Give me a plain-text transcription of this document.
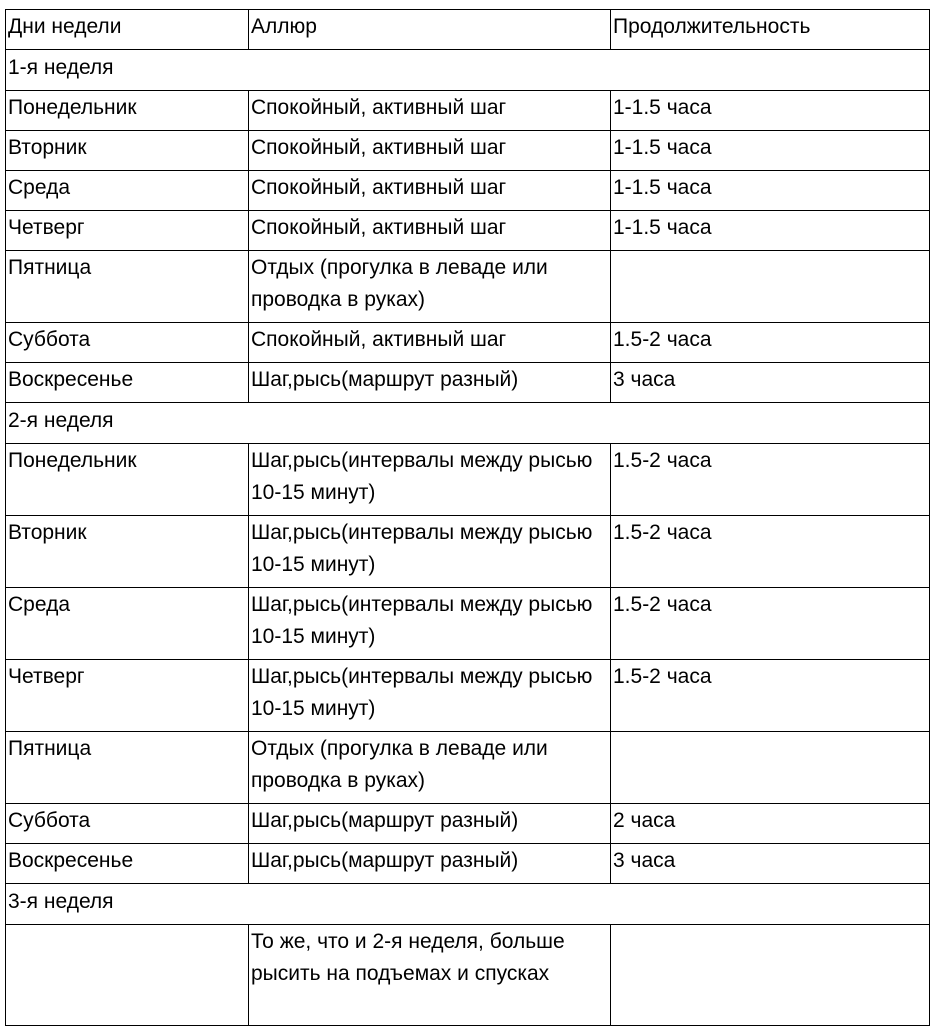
Дни недели	Аллюр	Продолжительность
1-я неделя		
Понедельник	Спокойный, активный шаг	1-1.5 часа
Вторник	Спокойный, активный шаг	1-1.5 часа
Среда	Спокойный, активный шаг	1-1.5 часа
Четверг	Спокойный, активный шаг	1-1.5 часа
Пятница	Отдых (прогулка в леваде или проводка в руках)	
Суббота	Спокойный, активный шаг	1.5-2 часа
Воскресенье	Шаг,рысь(маршрут разный)	3 часа
2-я неделя		
Понедельник	Шаг,рысь(интервалы между рысью 10-15 минут)	1.5-2 часа
Вторник	Шаг,рысь(интервалы между рысью 10-15 минут)	1.5-2 часа
Среда	Шаг,рысь(интервалы между рысью 10-15 минут)	1.5-2 часа
Четверг	Шаг,рысь(интервалы между рысью 10-15 минут)	1.5-2 часа
Пятница	Отдых (прогулка в леваде или проводка в руках)	
Суббота	Шаг,рысь(маршрут разный)	2 часа
Воскресенье	Шаг,рысь(маршрут разный)	3 часа
3-я неделя		
	То же, что и 2-я неделя, больше рысить на подъемах и спусках	
